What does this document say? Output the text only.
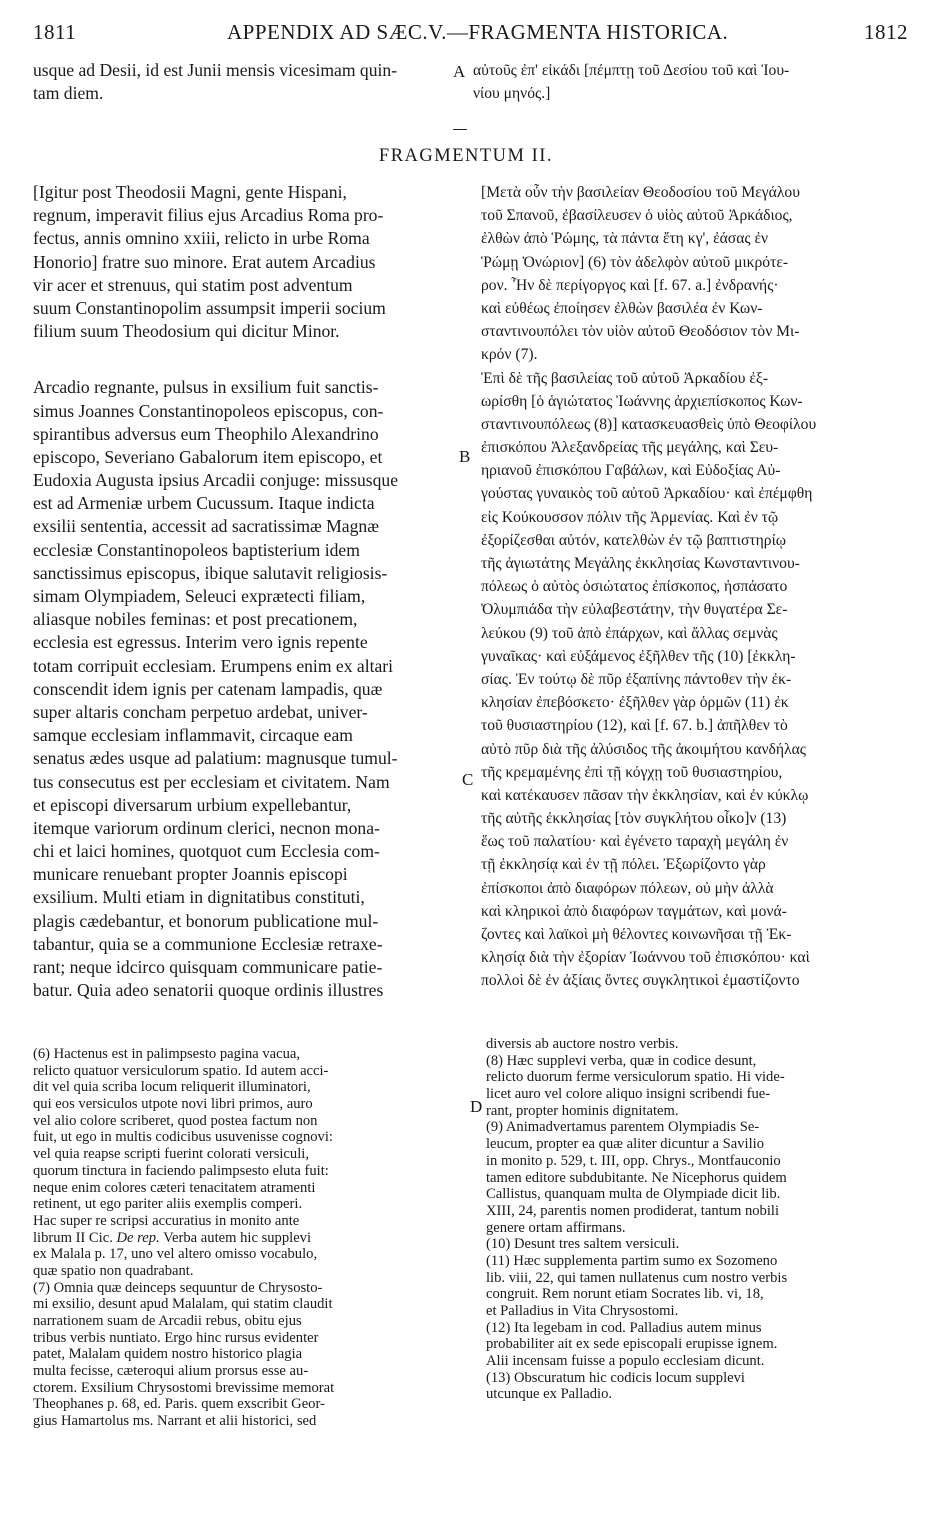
1811	APPENDIX AD SÆC.V.—FRAGMENTA HISTORICA.	1812
usque ad Desii, id est Junii mensis vicesimam quin-
tam diem.
αὐτοῦς ἐπ' εἰκάδι [πέμπτῃ τοῦ Δεσίου τοῦ καὶ Ἰου-
νίου μηνός.]
A
FRAGMENTUM II.
[Igitur post Theodosii Magni, gente Hispani,
regnum, imperavit filius ejus Arcadius Roma pro-
fectus, annis omnino xxiii, relicto in urbe Roma
Honorio] fratre suo minore. Erat autem Arcadius
vir acer et strenuus, qui statim post adventum
suum Constantinopolim assumpsit imperii socium
filium suum Theodosium qui dicitur Minor.
Arcadio regnante, pulsus in exsilium fuit sanctis-
simus Joannes Constantinopoleos episcopus, con-
spirantibus adversus eum Theophilo Alexandrino
episcopo, Severiano Gabalorum item episcopo, et
Eudoxia Augusta ipsius Arcadii conjuge: missusque
est ad Armeniæ urbem Cucussum. Itaque indicta
exsilii sententia, accessit ad sacratissimæ Magnæ
ecclesiæ Constantinopoleos baptisterium idem
sanctissimus episcopus, ibique salutavit religiosis-
simam Olympiadem, Seleuci exprætecti filiam,
aliasque nobiles feminas: et post precationem,
ecclesia est egressus. Interim vero ignis repente
totam corripuit ecclesiam. Erumpens enim ex altari
conscendit idem ignis per catenam lampadis, quæ
super altaris concham perpetuo ardebat, univer-
samque ecclesiam inflammavit, circaque eam
senatus ædes usque ad palatium: magnusque tumul-
tus consecutus est per ecclesiam et civitatem. Nam
et episcopi diversarum urbium expellebantur,
itemque variorum ordinum clerici, necnon mona-
chi et laici homines, quotquot cum Ecclesia com-
municare renuebant propter Joannis episcopi
exsilium. Multi etiam in dignitatibus constituti,
plagis cædebantur, et bonorum publicatione mul-
tabantur, quia se a communione Ecclesiæ retraxe-
rant; neque idcirco quisquam communicare patie-
batur. Quia adeo senatorii quoque ordinis illustres
[Μετὰ οὖν τὴν βασιλείαν Θεοδοσίου τοῦ Μεγάλου
τοῦ Σπανοῦ, ἐβασίλευσεν ὁ υἱὸς αὐτοῦ Ἀρκάδιος,
ἐλθὼν ἀπὸ Ῥώμης, τὰ πάντα ἔτη κγ', ἐάσας ἐν
Ῥώμῃ Ὀνώριον] (6) τὸν ἀδελφὸν αὐτοῦ μικρότε-
ρον. Ἦν δὲ περίγοργος καὶ [f. 67. a.] ἐνδρανής·
καὶ εὐθέως ἐποίησεν ἐλθὼν βασιλέα ἐν Κων-
σταντινουπόλει τὸν υἱὸν αὐτοῦ Θεοδόσιον τὸν Μι-
κρόν (7).
Ἐπὶ δὲ τῆς βασιλείας τοῦ αὐτοῦ Ἀρκαδίου ἐξ-
ωρίσθη [ὁ ἁγιώτατος Ἰωάννης ἀρχιεπίσκοπος Κων-
σταντινουπόλεως (8)] κατασκευασθεὶς ὑπὸ Θεοφίλου
ἐπισκόπου Ἀλεξανδρείας τῆς μεγάλης, καὶ Σευ-
ηριανοῦ ἐπισκόπου Γαβάλων, καὶ Εὐδοξίας Αὐ-
γούστας γυναικὸς τοῦ αὐτοῦ Ἀρκαδίου· καὶ ἐπέμφθη
εἰς Κούκουσσον πόλιν τῆς Ἀρμενίας. Καὶ ἐν τῷ
ἐξορίζεσθαι αὐτόν, κατελθὼν ἐν τῷ βαπτιστηρίῳ
τῆς ἁγιωτάτης Μεγάλης ἐκκλησίας Κωνσταντινου-
πόλεως ὁ αὐτὸς ὁσιώτατος ἐπίσκοπος, ἠσπάσατο
Ὀλυμπιάδα τὴν εὐλαβεστάτην, τὴν θυγατέρα Σε-
λεύκου (9) τοῦ ἀπὸ ἐπάρχων, καὶ ἄλλας σεμνὰς
γυναῖκας· καὶ εὐξάμενος ἐξῆλθεν τῆς (10) [ἐκκλη-
σίας. Ἐν τούτῳ δὲ πῦρ ἐξαπίνης πάντοθεν τὴν ἐκ-
κλησίαν ἐπεβόσκετο· ἐξῆλθεν γὰρ ὁρμῶν (11) ἐκ
τοῦ θυσιαστηρίου (12), καὶ [f. 67. b.] ἀπῆλθεν τὸ
αὐτὸ πῦρ διὰ τῆς ἀλύσιδος τῆς ἀκοιμήτου κανδήλας
τῆς κρεμαμένης ἐπὶ τῇ κόγχῃ τοῦ θυσιαστηρίου,
καὶ κατέκαυσεν πᾶσαν τὴν ἐκκλησίαν, καὶ ἐν κύκλῳ
τῆς αὐτῆς ἐκκλησίας [τὸν συγκλήτου οἶκο]ν (13)
ἕως τοῦ παλατίου· καὶ ἐγένετο ταραχὴ μεγάλη ἐν
τῇ ἐκκλησίᾳ καὶ ἐν τῇ πόλει. Ἐξωρίζοντο γὰρ
ἐπίσκοποι ἀπὸ διαφόρων πόλεων, οὐ μὴν ἀλλὰ
καὶ κληρικοὶ ἀπὸ διαφόρων ταγμάτων, καὶ μονά-
ζοντες καὶ λαϊκοὶ μὴ θέλοντες κοινωνῆσαι τῇ Ἐκ-
κλησίᾳ διὰ τὴν ἐξορίαν Ἰωάννου τοῦ ἐπισκόπου· καὶ
πολλοὶ δὲ ἐν ἀξίαις ὄντες συγκλητικοὶ ἐμαστίζοντο
B
C
D
(6) Hactenus est in palimpsesto pagina vacua,
relicto quatuor versiculorum spatio. Id autem acci-
dit vel quia scriba locum reliquerit illuminatori,
qui eos versiculos utpote novi libri primos, auro
vel alio colore scriberet, quod postea factum non
fuit, ut ego in multis codicibus usuvenisse cognovi:
vel quia reapse scripti fuerint colorati versiculi,
quorum tinctura in faciendo palimpsesto eluta fuit:
neque enim colores cæteri tenacitatem atramenti
retinent, ut ego pariter aliis exemplis comperi.
Hac super re scripsi accuratius in monito ante
librum II Cic. De rep. Verba autem hic supplevi
ex Malala p. 17, uno vel altero omisso vocabulo,
quæ spatio non quadrabant.
(7) Omnia quæ deinceps sequuntur de Chrysosto-
mi exsilio, desunt apud Malalam, qui statim claudit
narrationem suam de Arcadii rebus, obitu ejus
tribus verbis nuntiato. Ergo hinc rursus evidenter
patet, Malalam quidem nostro historico plagia
multa fecisse, cæteroqui alium prorsus esse au-
ctorem. Exsilium Chrysostomi brevissime memorat
Theophanes p. 68, ed. Paris. quem exscribit Geor-
gius Hamartolus ms. Narrant et alii historici, sed
diversis ab auctore nostro verbis.
(8) Hæc supplevi verba, quæ in codice desunt,
relicto duorum ferme versiculorum spatio. Hi vide-
licet auro vel colore aliquo insigni scribendi fue-
rant, propter hominis dignitatem.
(9) Animadvertamus parentem Olympiadis Se-
leucum, propter ea quæ aliter dicuntur a Savilio
in monito p. 529, t. III, opp. Chrys., Montfauconio
tamen editore subdubitante. Ne Nicephorus quidem
Callistus, quanquam multa de Olympiade dicit lib.
XIII, 24, parentis nomen prodiderat, tantum nobili
genere ortam affirmans.
(10) Desunt tres saltem versiculi.
(11) Hæc supplementa partim sumo ex Sozomeno
lib. viii, 22, qui tamen nullatenus cum nostro verbis
congruit. Rem norunt etiam Socrates lib. vi, 18,
et Palladius in Vita Chrysostomi.
(12) Ita legebam in cod. Palladius autem minus
probabiliter ait ex sede episcopali erupisse ignem.
Alii incensam fuisse a populo ecclesiam dicunt.
(13) Obscuratum hic codicis locum supplevi
utcunque ex Palladio.
